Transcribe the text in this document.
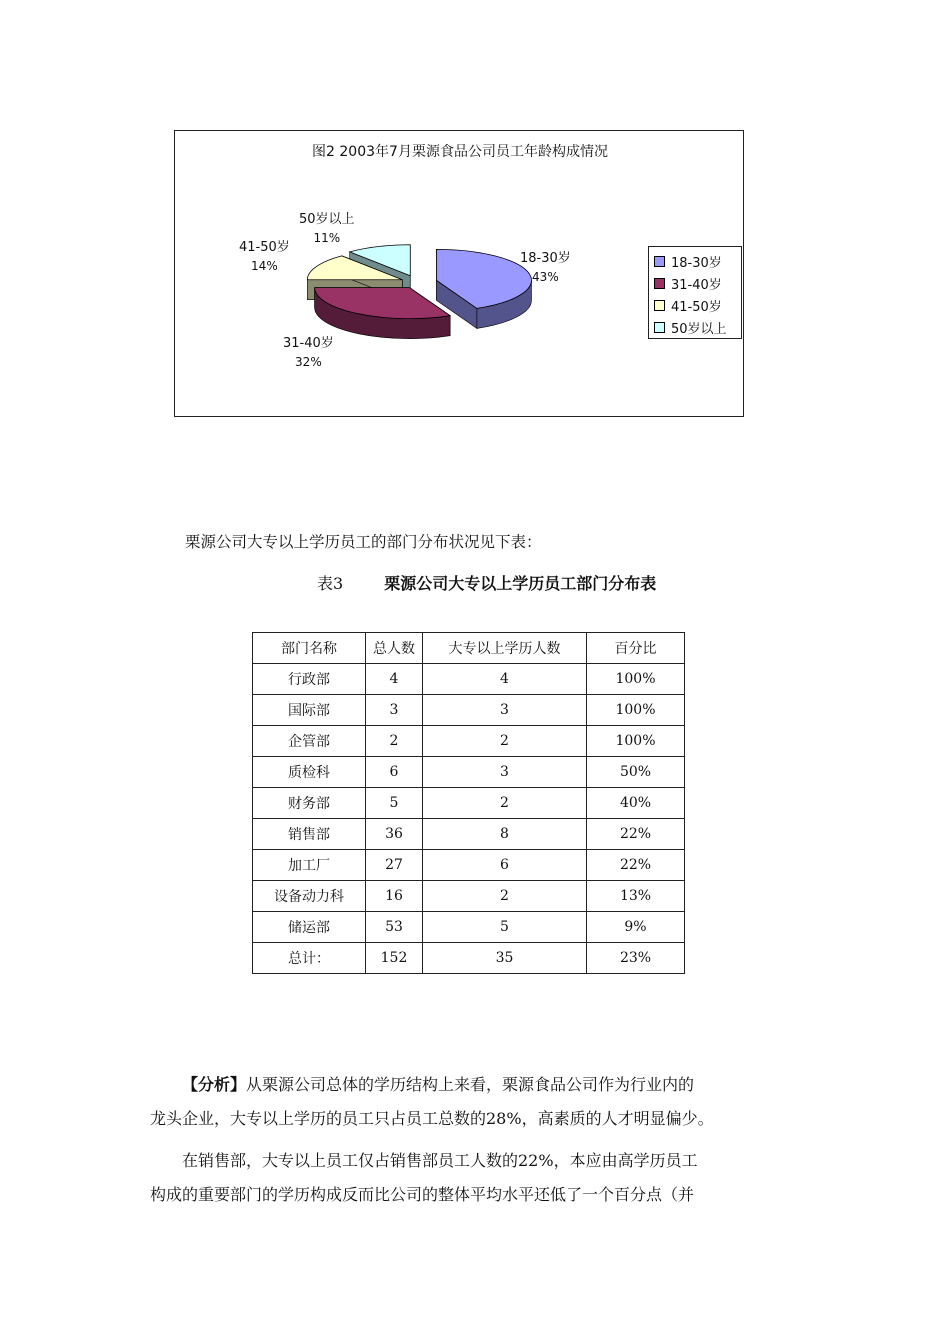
图2 2003年7月栗源食品公司员工年龄构成情况
18-30岁
43%
31-40岁
32%
41-50岁
14%
50岁以上
11%
18-30岁
31-40岁
41-50岁
50岁以上
栗源公司大专以上学历员工的部门分布状况见下表：
表3	栗源公司大专以上学历员工部门分布表
部门名称	总人数	大专以上学历人数	百分比
行政部	4	4	100%
国际部	3	3	100%
企管部	2	2	100%
质检科	6	3	50%
财务部	5	2	40%
销售部	36	8	22%
加工厂	27	6	22%
设备动力科	16	2	13%
储运部	53	5	9%
总计：	152	35	23%
【分析】从栗源公司总体的学历结构上来看，栗源食品公司作为行业内的
龙头企业，大专以上学历的员工只占员工总数的28%，高素质的人才明显偏少。
在销售部，大专以上员工仅占销售部员工人数的22%，本应由高学历员工
构成的重要部门的学历构成反而比公司的整体平均水平还低了一个百分点（并
